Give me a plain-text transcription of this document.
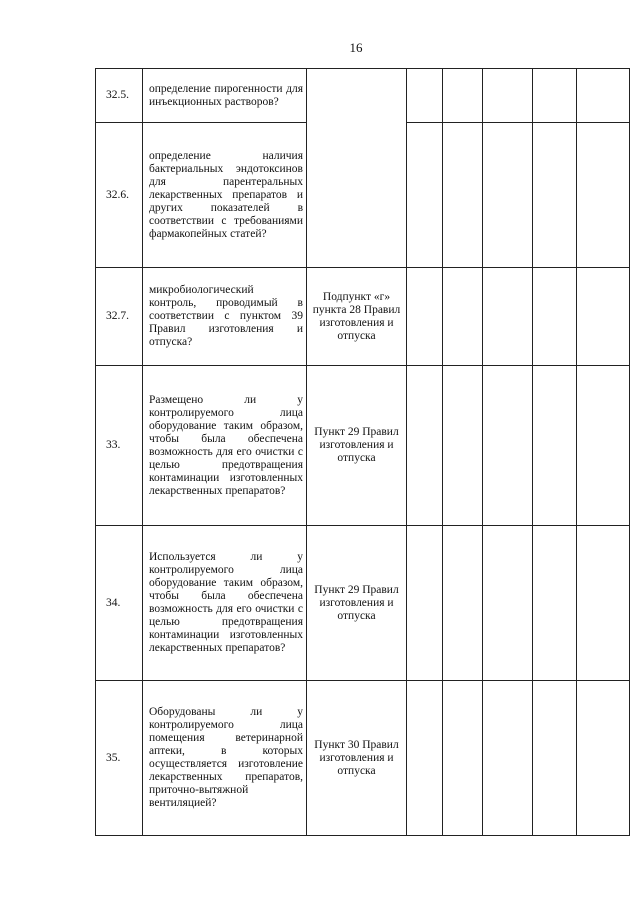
16
32.5.	определение пирогенности для инъекционных растворов?						

32.6.	определение наличия бактериальных эндотоксинов для парентеральных лекарственных препаратов и других показателей в соответствии с требованиями фармакопейных статей?						

32.7.	микробиологический контроль, проводимый в соответствии с пунктом 39 Правил изготовления и отпуска?	Подпункт «г» пункта 28 Правил изготовления и отпуска					

33.	Размещено ли у контролируемого лица оборудование таким образом, чтобы была обеспечена возможность для его очистки с целью предотвращения контаминации изготовленных лекарственных препаратов?	Пункт 29 Правил изготовления и отпуска					

34.	Используется ли у контролируемого лица оборудование таким образом, чтобы была обеспечена возможность для его очистки с целью предотвращения контаминации изготовленных лекарственных препаратов?	Пункт 29 Правил изготовления и отпуска					

35.	Оборудованы ли у контролируемого лица помещения ветеринарной аптеки, в которых осуществляется изготовление лекарственных препаратов, приточно-вытяжной вентиляцией?	Пункт 30 Правил изготовления и отпуска					
